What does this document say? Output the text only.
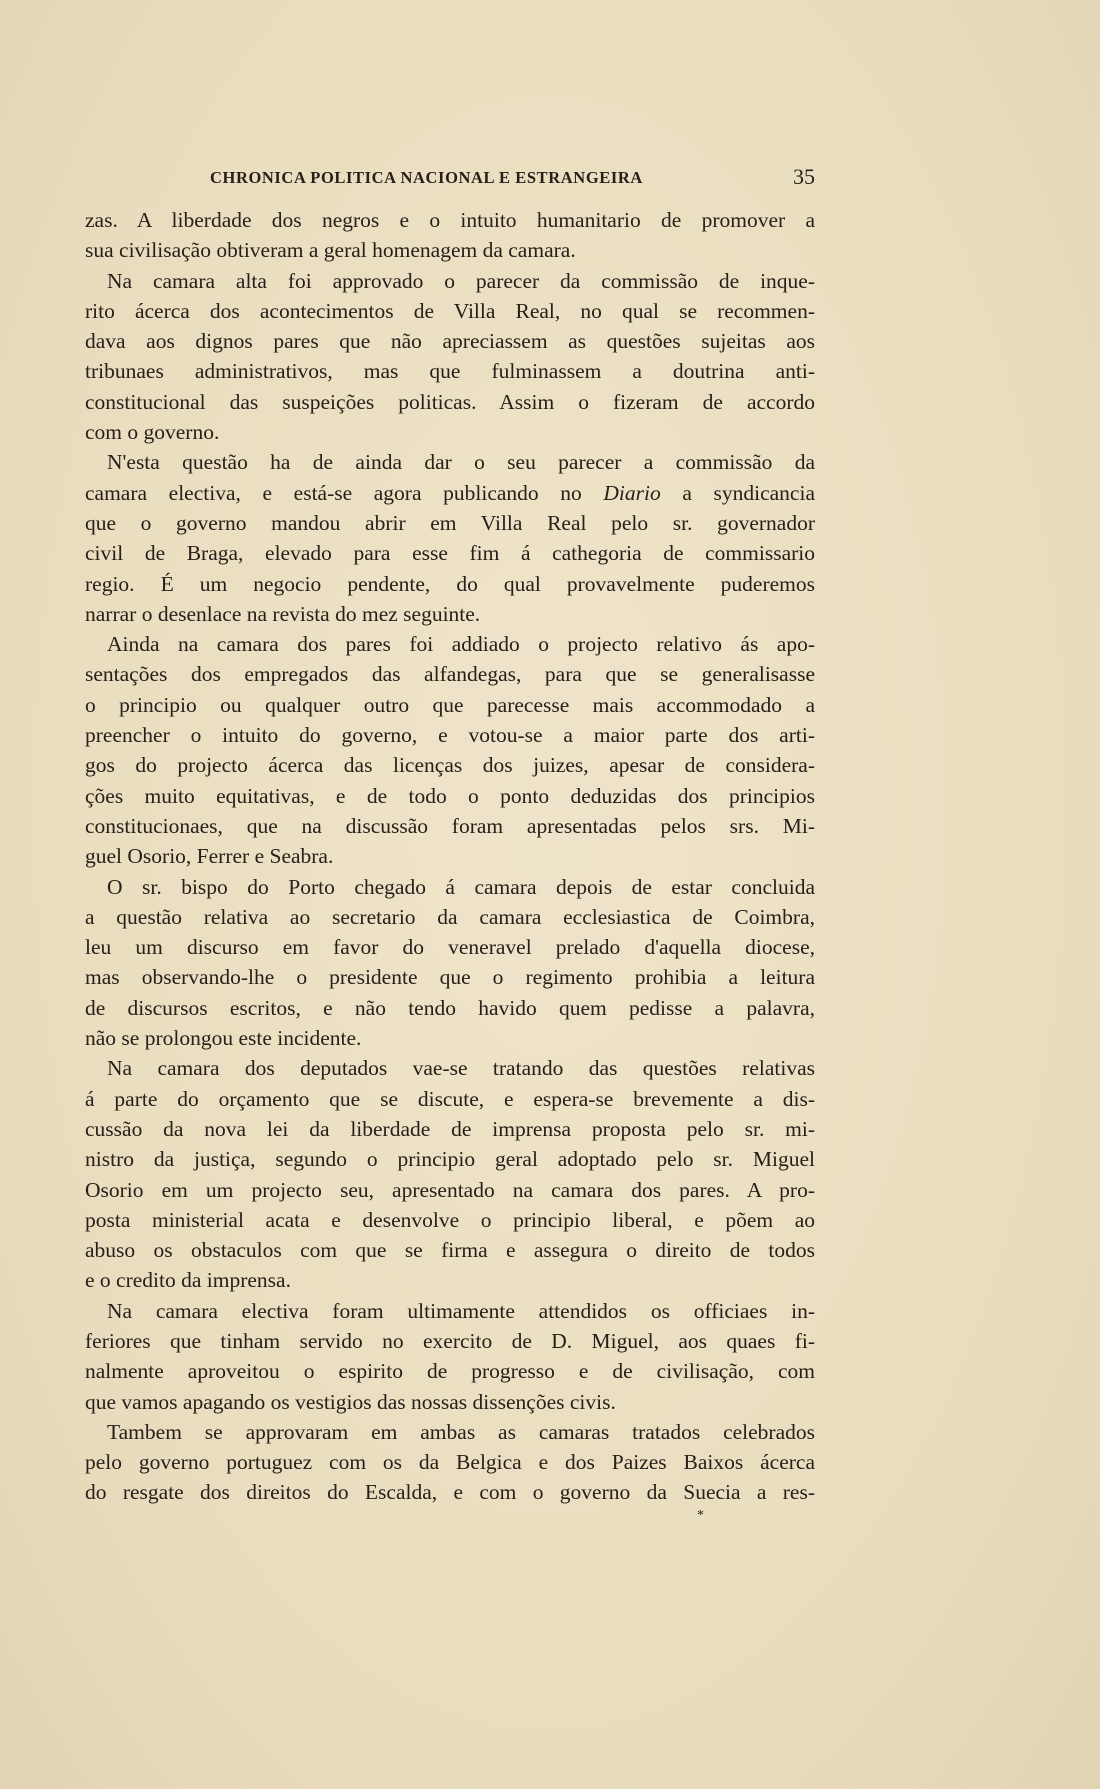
CHRONICA POLITICA NACIONAL E ESTRANGEIRA	35
zas. A liberdade dos negros e o intuito humanitario de promover a
sua civilisação obtiveram a geral homenagem da camara.
Na camara alta foi approvado o parecer da commissão de inque-
rito ácerca dos acontecimentos de Villa Real, no qual se recommen-
dava aos dignos pares que não apreciassem as questões sujeitas aos
tribunaes administrativos, mas que fulminassem a doutrina anti-
constitucional das suspeições politicas. Assim o fizeram de accordo
com o governo.
N'esta questão ha de ainda dar o seu parecer a commissão da
camara electiva, e está-se agora publicando no Diario a syndicancia
que o governo mandou abrir em Villa Real pelo sr. governador
civil de Braga, elevado para esse fim á cathegoria de commissario
regio. É um negocio pendente, do qual provavelmente puderemos
narrar o desenlace na revista do mez seguinte.
Ainda na camara dos pares foi addiado o projecto relativo ás apo-
sentações dos empregados das alfandegas, para que se generalisasse
o principio ou qualquer outro que parecesse mais accommodado a
preencher o intuito do governo, e votou-se a maior parte dos arti-
gos do projecto ácerca das licenças dos juizes, apesar de considera-
ções muito equitativas, e de todo o ponto deduzidas dos principios
constitucionaes, que na discussão foram apresentadas pelos srs. Mi-
guel Osorio, Ferrer e Seabra.
O sr. bispo do Porto chegado á camara depois de estar concluida
a questão relativa ao secretario da camara ecclesiastica de Coimbra,
leu um discurso em favor do veneravel prelado d'aquella diocese,
mas observando-lhe o presidente que o regimento prohibia a leitura
de discursos escritos, e não tendo havido quem pedisse a palavra,
não se prolongou este incidente.
Na camara dos deputados vae-se tratando das questões relativas
á parte do orçamento que se discute, e espera-se brevemente a dis-
cussão da nova lei da liberdade de imprensa proposta pelo sr. mi-
nistro da justiça, segundo o principio geral adoptado pelo sr. Miguel
Osorio em um projecto seu, apresentado na camara dos pares. A pro-
posta ministerial acata e desenvolve o principio liberal, e põem ao
abuso os obstaculos com que se firma e assegura o direito de todos
e o credito da imprensa.
Na camara electiva foram ultimamente attendidos os officiaes in-
feriores que tinham servido no exercito de D. Miguel, aos quaes fi-
nalmente aproveitou o espirito de progresso e de civilisação, com
que vamos apagando os vestigios das nossas dissenções civis.
Tambem se approvaram em ambas as camaras tratados celebrados
pelo governo portuguez com os da Belgica e dos Paizes Baixos ácerca
do resgate dos direitos do Escalda, e com o governo da Suecia a res-
*
